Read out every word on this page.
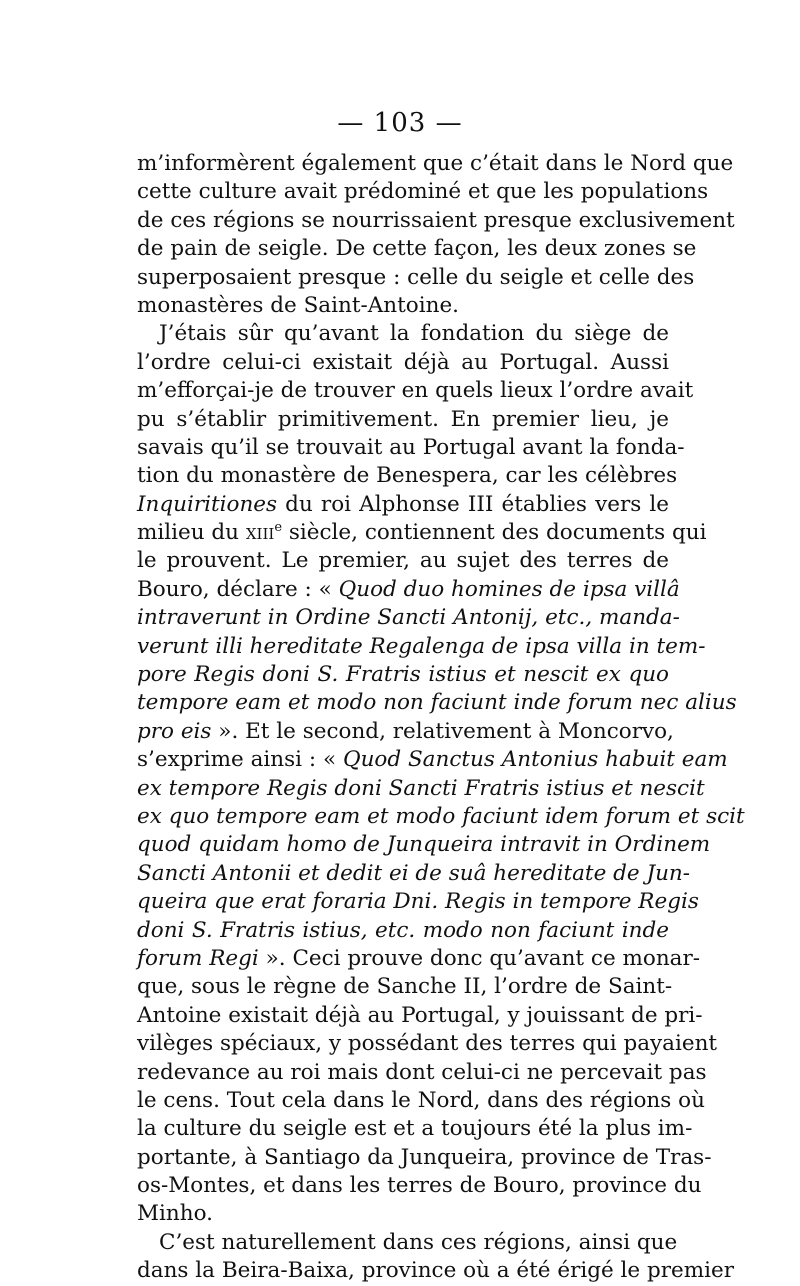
— 103 —
m’informèrent également que c’était dans le Nord que
cette culture avait prédominé et que les populations
de ces régions se nourrissaient presque exclusivement
de pain de seigle. De cette façon, les deux zones se
superposaient presque : celle du seigle et celle des
monastères de Saint-Antoine.
J’étais sûr qu’avant la fondation du siège de
l’ordre celui-ci existait déjà au Portugal. Aussi
m’efforçai-je de trouver en quels lieux l’ordre avait
pu s’établir primitivement. En premier lieu, je
savais qu’il se trouvait au Portugal avant la fonda-
tion du monastère de Benespera, car les célèbres
Inquiritiones du roi Alphonse III établies vers le
milieu du xiii$^e$ siècle, contiennent des documents qui
le prouvent. Le premier, au sujet des terres de
Bouro, déclare : « Quod duo homines de ipsa villâ
intraverunt in Ordine Sancti Antonij, etc., manda-
verunt illi hereditate Regalenga de ipsa villa in tem-
pore Regis doni S. Fratris istius et nescit ex quo
tempore eam et modo non faciunt inde forum nec alius
pro eis ». Et le second, relativement à Moncorvo,
s’exprime ainsi : « Quod Sanctus Antonius habuit eam
ex tempore Regis doni Sancti Fratris istius et nescit
ex quo tempore eam et modo faciunt idem forum et scit
quod quidam homo de Junqueira intravit in Ordinem
Sancti Antonii et dedit ei de suâ hereditate de Jun-
queira que erat foraria Dni. Regis in tempore Regis
doni S. Fratris istius, etc. modo non faciunt inde
forum Regi ». Ceci prouve donc qu’avant ce monar-
que, sous le règne de Sanche II, l’ordre de Saint-
Antoine existait déjà au Portugal, y jouissant de pri-
vilèges spéciaux, y possédant des terres qui payaient
redevance au roi mais dont celui-ci ne percevait pas
le cens. Tout cela dans le Nord, dans des régions où
la culture du seigle est et a toujours été la plus im-
portante, à Santiago da Junqueira, province de Tras-
os-Montes, et dans les terres de Bouro, province du
Minho.
C’est naturellement dans ces régions, ainsi que
dans la Beira-Baixa, province où a été érigé le premier
